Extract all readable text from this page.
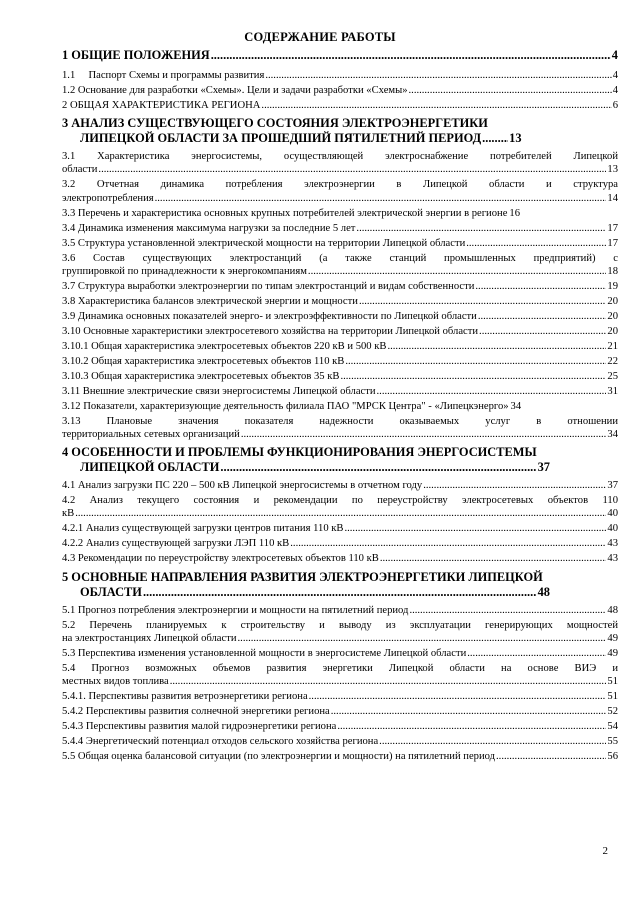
СОДЕРЖАНИЕ РАБОТЫ
1 ОБЩИЕ ПОЛОЖЕНИЯ .....	4
1.1     Паспорт Схемы и программы развития .....	4
1.2 Основание для разработки «Схемы». Цели и задачи разработки «Схемы» .....	4
2 ОБЩАЯ ХАРАКТЕРИСТИКА РЕГИОНА .....	6
3 АНАЛИЗ СУЩЕСТВУЮЩЕГО СОСТОЯНИЯ ЭЛЕКТРОЭНЕРГЕТИКИ
ЛИПЕЦКОЙ ОБЛАСТИ ЗА ПРОШЕДШИЙ ПЯТИЛЕТНИЙ ПЕРИОД ..... 13
3.1 Характеристика энергосистемы, осуществляющей электроснабжение потребителей Липецкой
области .....	13
3.2 Отчетная динамика потребления электроэнергии в Липецкой области и структура
электропотребления .....	14
3.3 Перечень и характеристика основных крупных потребителей электрической энергии в регионе 16
3.4 Динамика изменения максимума нагрузки за последние 5 лет .....	17
3.5 Структура установленной электрической мощности на территории Липецкой области .....	17
3.6 Состав существующих электростанций (а также станций промышленных предприятий) с
группировкой по принадлежности к энергокомпаниям .....	18
3.7 Структура выработки электроэнергии по типам электростанций и видам собственности .....	19
3.8 Характеристика балансов электрической энергии и мощности .....	20
3.9 Динамика основных показателей энерго- и электроэффективности по Липецкой области .....	20
3.10 Основные характеристики электросетевого хозяйства на территории Липецкой области .....	20
3.10.1 Общая характеристика электросетевых объектов 220 кВ и 500 кВ .....	21
3.10.2 Общая характеристика электросетевых объектов 110 кВ .....	22
3.10.3 Общая характеристика электросетевых объектов 35 кВ .....	25
3.11 Внешние электрические связи энергосистемы Липецкой области .....	31
3.12 Показатели, характеризующие деятельность филиала ПАО "МРСК Центра" - «Липецкэнерго» 34
3.13 Плановые значения показателя надежности оказываемых услуг в отношении
территориальных сетевых организаций .....	34
4 ОСОБЕННОСТИ И ПРОБЛЕМЫ ФУНКЦИОНИРОВАНИЯ ЭНЕРГОСИСТЕМЫ
ЛИПЕЦКОЙ ОБЛАСТИ .....	37
4.1 Анализ загрузки ПС 220 – 500 кВ Липецкой энергосистемы в отчетном году .....	37
4.2 Анализ текущего состояния и рекомендации по переустройству электросетевых объектов 110
кВ .....	40
4.2.1 Анализ существующей загрузки центров питания 110 кВ .....	40
4.2.2 Анализ существующей загрузки ЛЭП 110 кВ .....	43
4.3 Рекомендации по переустройству электросетевых объектов 110 кВ .....	43
5 ОСНОВНЫЕ НАПРАВЛЕНИЯ РАЗВИТИЯ ЭЛЕКТРОЭНЕРГЕТИКИ ЛИПЕЦКОЙ
ОБЛАСТИ .....	48
5.1 Прогноз потребления электроэнергии и мощности на пятилетний период .....	48
5.2 Перечень планируемых к строительству и выводу из эксплуатации генерирующих мощностей
на электростанциях Липецкой области .....	49
5.3 Перспектива изменения установленной мощности в энергосистеме Липецкой области .....	49
5.4 Прогноз возможных объемов развития энергетики Липецкой области на основе ВИЭ и
местных видов топлива .....	51
5.4.1. Перспективы развития ветроэнергетики региона .....	51
5.4.2 Перспективы развития солнечной энергетики региона .....	52
5.4.3 Перспективы развития малой гидроэнергетики региона .....	54
5.4.4 Энергетический потенциал отходов сельского хозяйства региона .....	55
5.5 Общая оценка балансовой ситуации (по электроэнергии и мощности) на пятилетний период .....	56
2
